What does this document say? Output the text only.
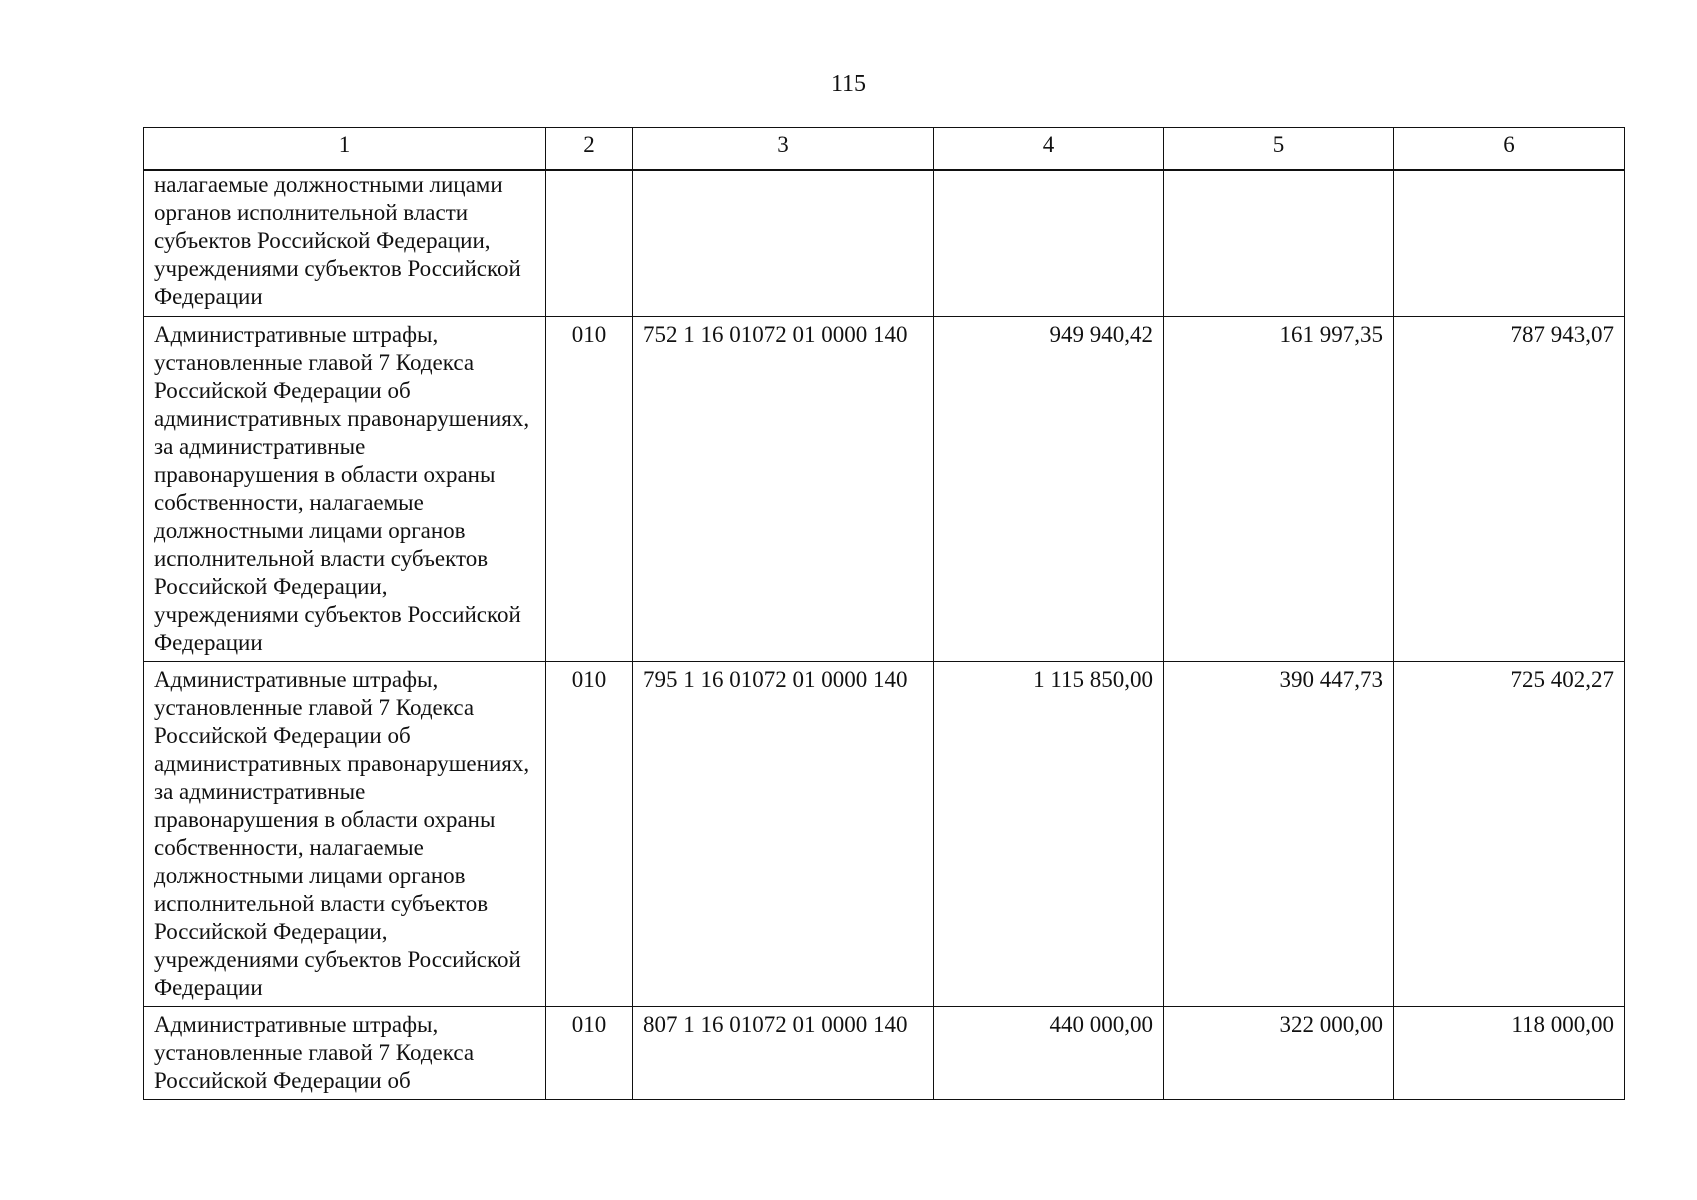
115
1	2	3	4	5	6
налагаемые должностными лицами органов исполнительной власти субъектов Российской Федерации, учреждениями субъектов Российской Федерации					
Административные штрафы, установленные главой 7 Кодекса Российской Федерации об административных правонарушениях, за административные правонарушения в области охраны собственности, налагаемые должностными лицами органов исполнительной власти субъектов Российской Федерации, учреждениями субъектов Российской Федерации	010	752 1 16 01072 01 0000 140	949 940,42	161 997,35	787 943,07
Административные штрафы, установленные главой 7 Кодекса Российской Федерации об административных правонарушениях, за административные правонарушения в области охраны собственности, налагаемые должностными лицами органов исполнительной власти субъектов Российской Федерации, учреждениями субъектов Российской Федерации	010	795 1 16 01072 01 0000 140	1 115 850,00	390 447,73	725 402,27
Административные штрафы, установленные главой 7 Кодекса Российской Федерации об	010	807 1 16 01072 01 0000 140	440 000,00	322 000,00	118 000,00
